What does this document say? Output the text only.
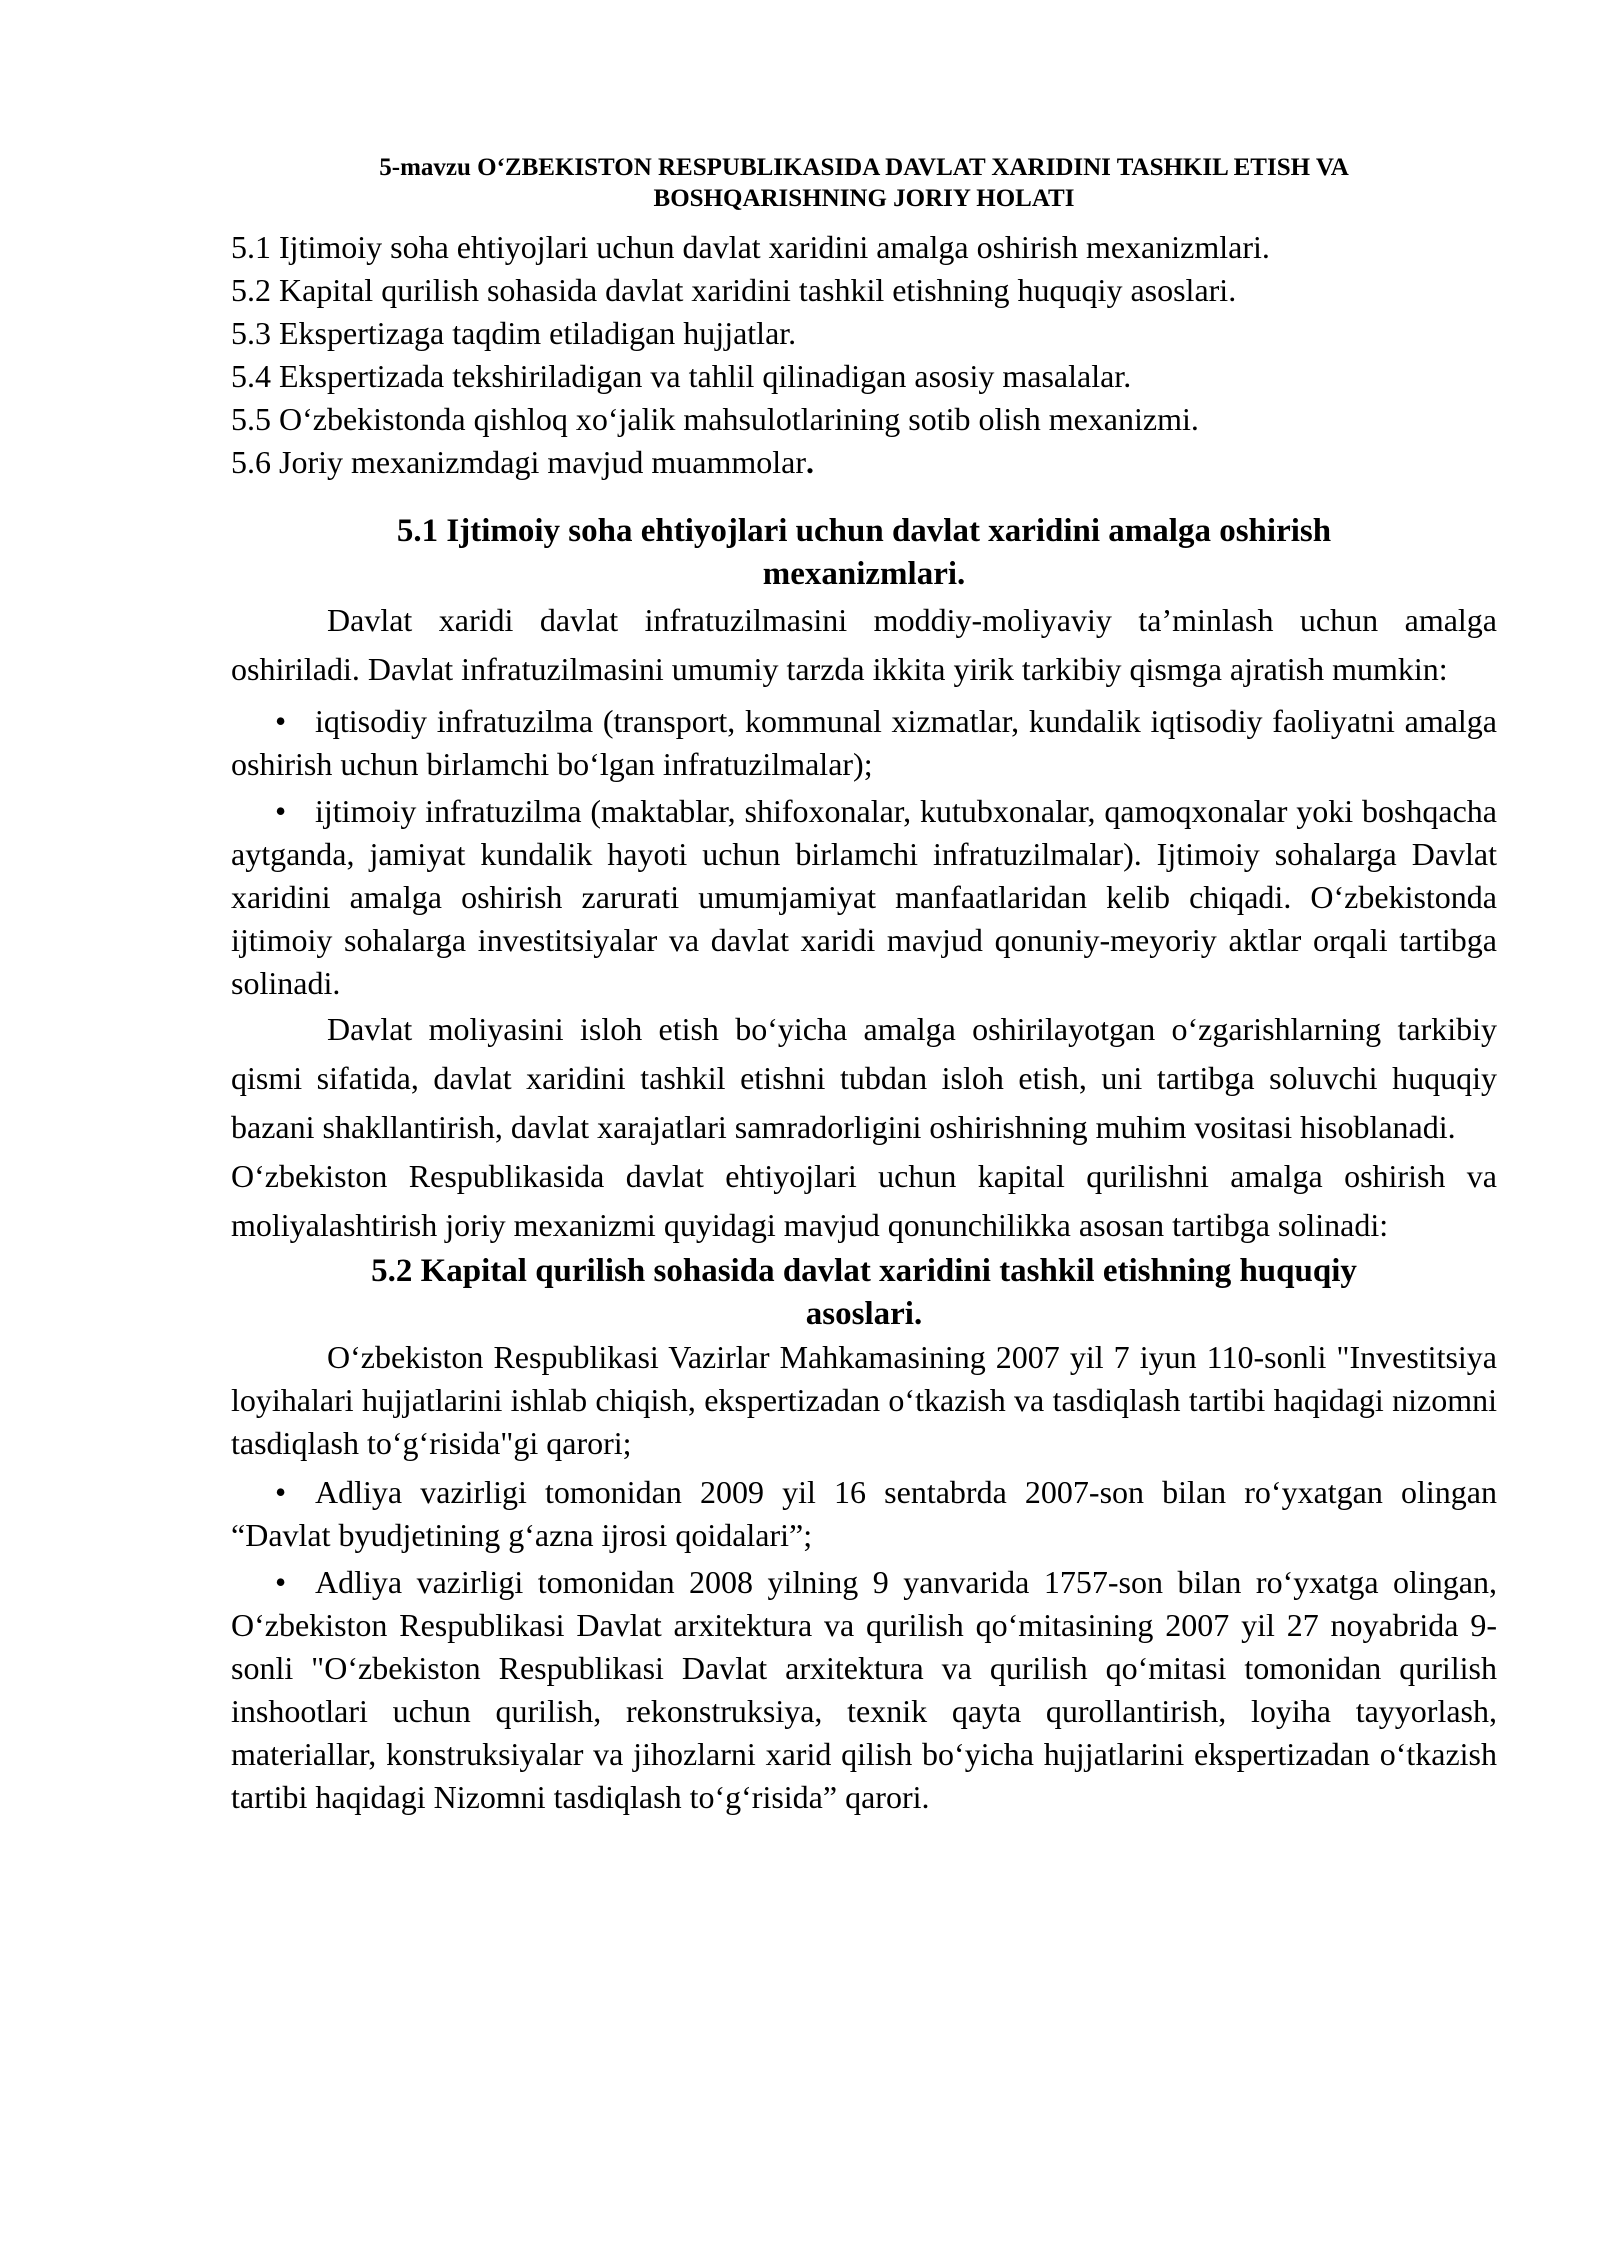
5-mavzu O‘ZBEKISTON RESPUBLIKASIDA DAVLAT XARIDINI TASHKIL ETISH VA
BOSHQARISHNING JORIY HOLATI
5.1 Ijtimoiy soha ehtiyojlari uchun davlat xaridini amalga oshirish mexanizmlari.
5.2 Kapital qurilish sohasida davlat xaridini tashkil etishning huquqiy asoslari.
5.3 Ekspertizaga taqdim etiladigan hujjatlar.
5.4 Ekspertizada tekshiriladigan va tahlil qilinadigan asosiy masalalar.
5.5 O‘zbekistonda qishloq xo‘jalik mahsulotlarining sotib olish mexanizmi.
5.6 Joriy mexanizmdagi mavjud muammolar.
5.1 Ijtimoiy soha ehtiyojlari uchun davlat xaridini amalga oshirish
mexanizmlari.

Davlat xaridi davlat infratuzilmasini moddiy-moliyaviy ta’minlash uchun amalga oshiriladi. Davlat infratuzilmasini umumiy tarzda ikkita yirik tarkibiy qismga ajratish mumkin:

• iqtisodiy infratuzilma (transport, kommunal xizmatlar, kundalik iqtisodiy faoliyatni amalga oshirish uchun birlamchi bo‘lgan infratuzilmalar);
• ijtimoiy infratuzilma (maktablar, shifoxonalar, kutubxonalar, qamoqxonalar yoki boshqacha aytganda, jamiyat kundalik hayoti uchun birlamchi infratuzilmalar). Ijtimoiy sohalarga Davlat xaridini amalga oshirish zarurati umumjamiyat manfaatlaridan kelib chiqadi. O‘zbekistonda ijtimoiy sohalarga investitsiyalar va davlat xaridi mavjud qonuniy-meyoriy aktlar orqali tartibga solinadi.

Davlat moliyasini isloh etish bo‘yicha amalga oshirilayotgan o‘zgarishlarning tarkibiy qismi sifatida, davlat xaridini tashkil etishni tubdan isloh etish, uni tartibga soluvchi huquqiy bazani shakllantirish, davlat xarajatlari samradorligini oshirishning muhim vositasi hisoblanadi.

O‘zbekiston Respublikasida davlat ehtiyojlari uchun kapital qurilishni amalga oshirish va moliyalashtirish joriy mexanizmi quyidagi mavjud qonunchilikka asosan tartibga solinadi:

5.2 Kapital qurilish sohasida davlat xaridini tashkil etishning huquqiy
asoslari.

O‘zbekiston Respublikasi Vazirlar Mahkamasining 2007 yil 7 iyun 110-sonli "Investitsiya loyihalari hujjatlarini ishlab chiqish, ekspertizadan o‘tkazish va tasdiqlash tartibi haqidagi nizomni tasdiqlash to‘g‘risida"gi qarori;

• Adliya vazirligi tomonidan 2009 yil 16 sentabrda 2007-son bilan ro‘yxatgan olingan “Davlat byudjetining g‘azna ijrosi qoidalari”;
• Adliya vazirligi tomonidan 2008 yilning 9 yanvarida 1757-son bilan ro‘yxatga olingan, O‘zbekiston Respublikasi Davlat arxitektura va qurilish qo‘mitasining 2007 yil 27 noyabrida 9-sonli "O‘zbekiston Respublikasi Davlat arxitektura va qurilish qo‘mitasi tomonidan qurilish inshootlari uchun qurilish, rekonstruksiya, texnik qayta qurollantirish, loyiha tayyorlash, materiallar, konstruksiyalar va jihozlarni xarid qilish bo‘yicha hujjatlarini ekspertizadan o‘tkazish tartibi haqidagi Nizomni tasdiqlash to‘g‘risida” qarori.
